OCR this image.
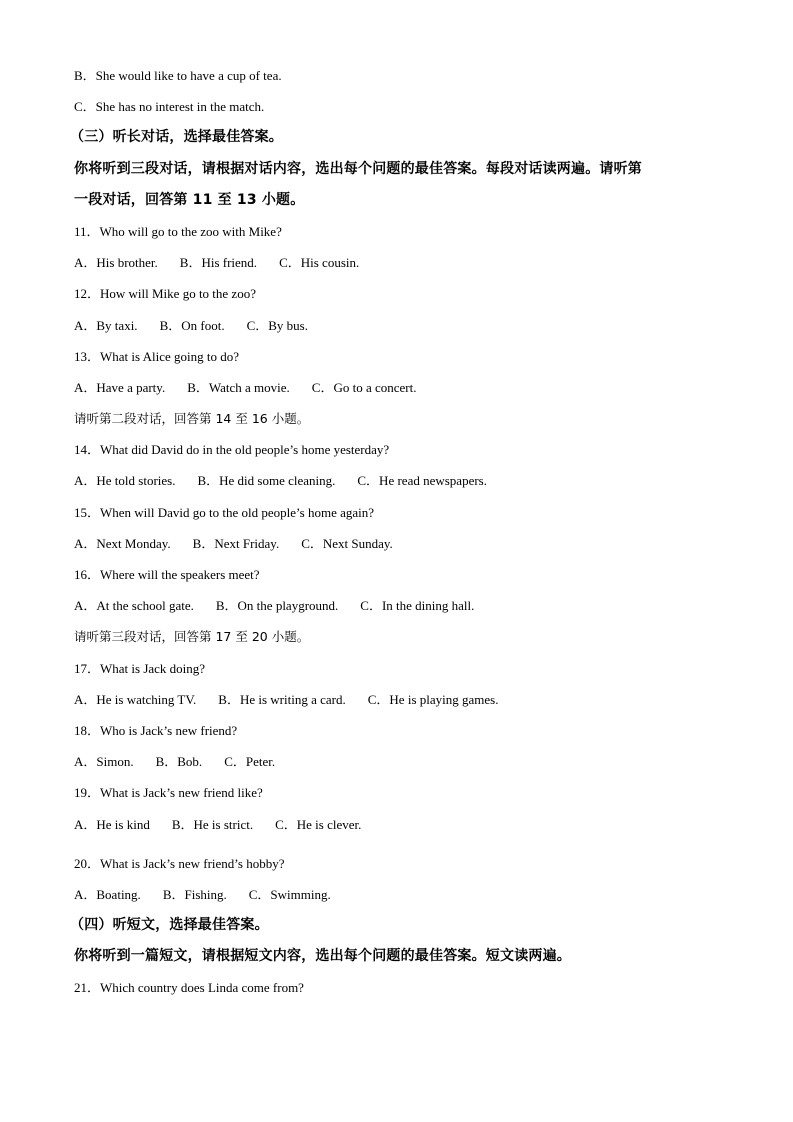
B．She would like to have a cup of tea.
C．She has no interest in the match.
（三）听长对话，选择最佳答案。
你将听到三段对话，请根据对话内容，选出每个问题的最佳答案。每段对话读两遍。请听第
一段对话，回答第 11 至 13 小题。
11．Who will go to the zoo with Mike?
A．His brother. B．His friend. C．His cousin.
12．How will Mike go to the zoo?
A．By taxi. B．On foot. C．By bus.
13．What is Alice going to do?
A．Have a party. B．Watch a movie. C．Go to a concert.
请听第二段对话，回答第 14 至 16 小题。
14．What did David do in the old people’s home yesterday?
A．He told stories. B．He did some cleaning. C．He read newspapers.
15．When will David go to the old people’s home again?
A．Next Monday. B．Next Friday. C．Next Sunday.
16．Where will the speakers meet?
A．At the school gate. B．On the playground. C．In the dining hall.
请听第三段对话，回答第 17 至 20 小题。
17．What is Jack doing?
A．He is watching TV. B．He is writing a card. C．He is playing games.
18．Who is Jack’s new friend?
A．Simon. B．Bob. C．Peter.
19．What is Jack’s new friend like?
A．He is kind B．He is strict. C．He is clever.
20．What is Jack’s new friend’s hobby?
A．Boating. B．Fishing. C．Swimming.
（四）听短文，选择最佳答案。
你将听到一篇短文，请根据短文内容，选出每个问题的最佳答案。短文读两遍。
21．Which country does Linda come from?
